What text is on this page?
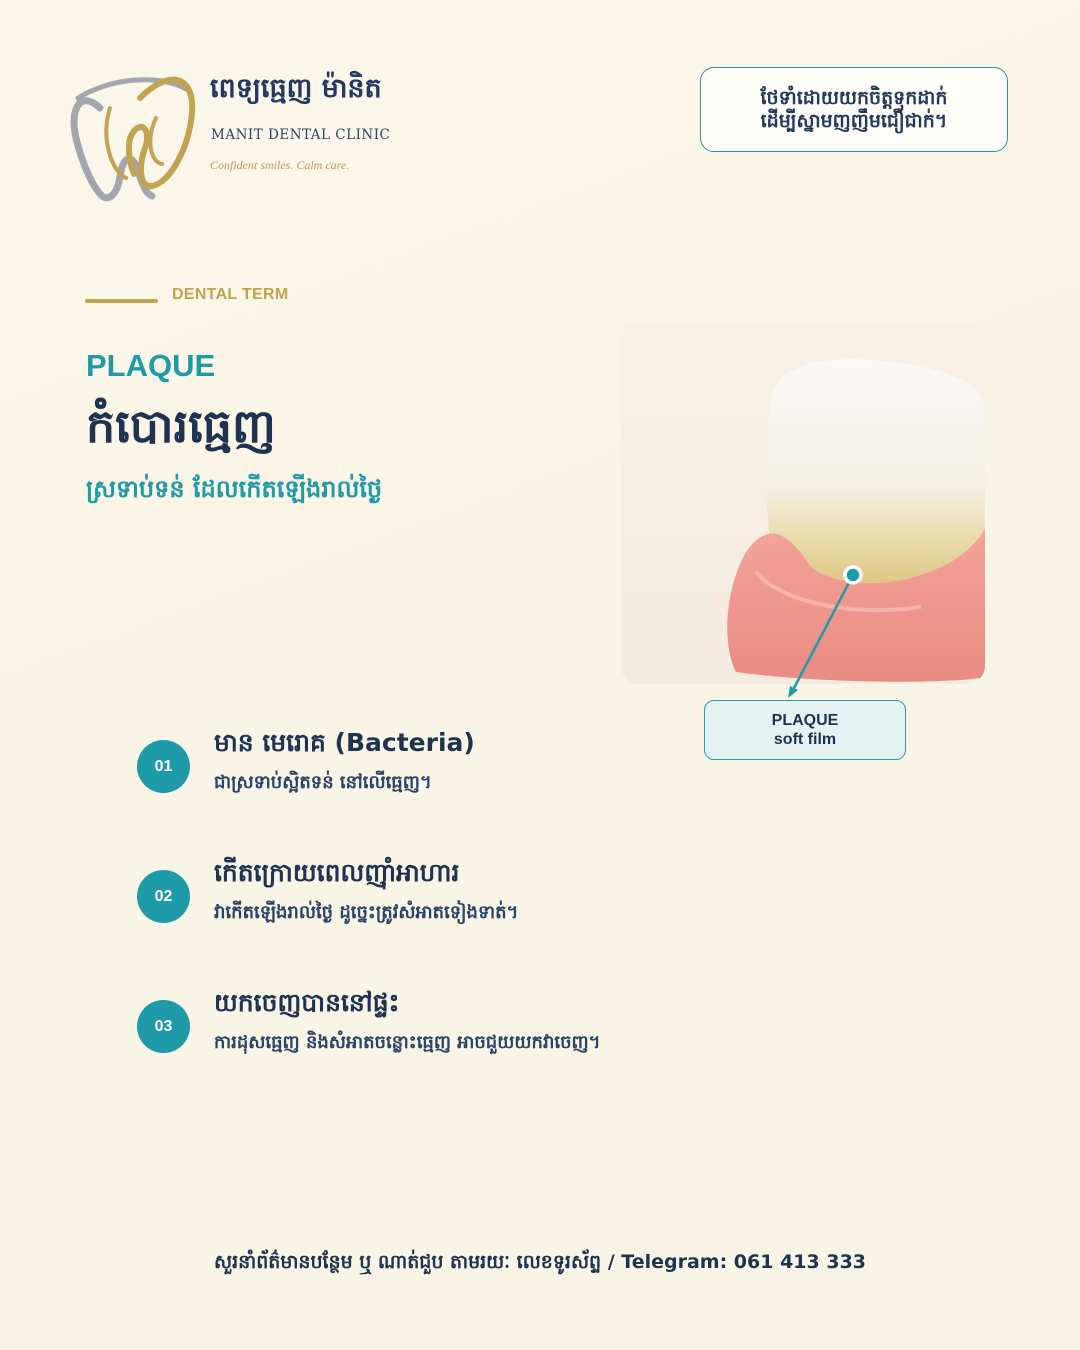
ពេទ្យធ្មេញ ម៉ានិត
MANIT DENTAL CLINIC
Confident smiles. Calm care.
ថែទាំដោយយកចិត្តទុកដាក់
ដើម្បីស្នាមញញឹមជឿជាក់។
DENTAL TERM
PLAQUE
កំបោរធ្មេញ
ស្រទាប់ទន់ ដែលកើតឡើងរាល់ថ្ងៃ
PLAQUE
soft film
01
មាន មេរោគ (Bacteria)
ជាស្រទាប់ស្អិតទន់ នៅលើធ្មេញ។
02
កើតក្រោយពេលញ៉ាំអាហារ
វាកើតឡើងរាល់ថ្ងៃ ដូច្នេះត្រូវសំអាតទៀងទាត់។
03
យកចេញបាននៅផ្ទះ
ការដុសធ្មេញ និងសំអាតចន្លោះធ្មេញ អាចជួយយកវាចេញ។
សួរនាំព័ត៌មានបន្ថែម ឬ ណាត់ជួប តាមរយៈ លេខទូរស័ព្ទ / Telegram: 061 413 333
